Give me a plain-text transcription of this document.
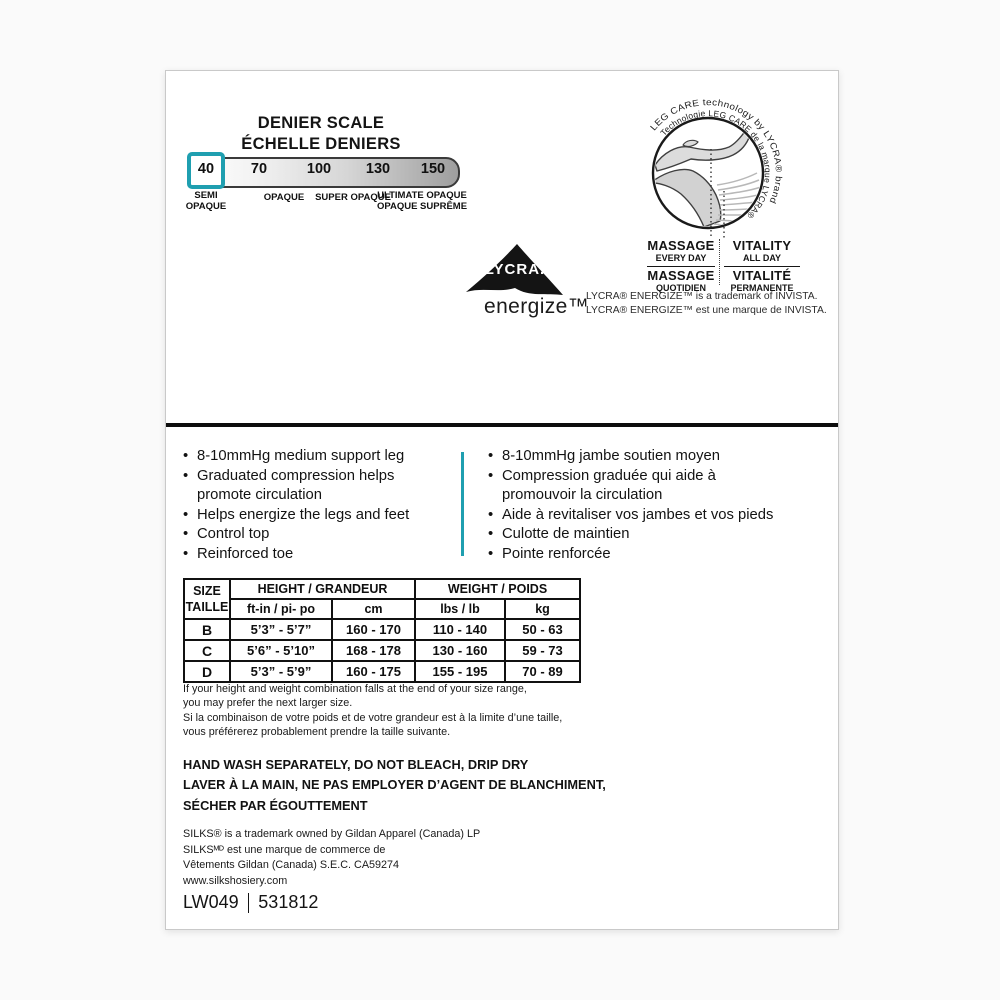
DENIER SCALE
ÉCHELLE DENIERS
40	70	100	130	150
SEMI
OPAQUE
OPAQUE	SUPER OPAQUE
ULTIMATE OPAQUE
OPAQUE SUPRÊME
LEG CARE technology by LYCRA® brand
Technologie LEG CARE de la marque LYCRA®
MASSAGE
EVERY DAY
MASSAGE
QUOTIDIEN
VITALITY
ALL DAY
VITALITÉ
PERMANENTE
LYCRA.
energize™
LYCRA® ENERGIZE™ is a trademark of INVISTA.
LYCRA® ENERGIZE™ est une marque de INVISTA.
• 8-10mmHg medium support leg
• Graduated compression helps
promote circulation
• Helps energize the legs and feet
• Control top
• Reinforced toe
• 8-10mmHg jambe soutien moyen
• Compression graduée qui aide à
promouvoir la circulation
• Aide à revitaliser vos jambes et vos pieds
• Culotte de maintien
• Pointe renforcée
SIZE
TAILLE	HEIGHT / GRANDEUR		WEIGHT / POIDS	
	ft-in / pi- po	cm	lbs / lb	kg
B	5’3” - 5’7”	160 - 170	110 - 140	50 - 63
C	5’6” - 5’10”	168 - 178	130 - 160	59 - 73
D	5’3” - 5’9”	160 - 175	155 - 195	70 - 89
If your height and weight combination falls at the end of your size range,
you may prefer the next larger size.
Si la combinaison de votre poids et de votre grandeur est à la limite d’une taille,
vous préférerez probablement prendre la taille suivante.
HAND WASH SEPARATELY, DO NOT BLEACH, DRIP DRY
LAVER À LA MAIN, NE PAS EMPLOYER D’AGENT DE BLANCHIMENT,
SÉCHER PAR ÉGOUTTEMENT
SILKS® is a trademark owned by Gildan Apparel (Canada) LP
SILKSᴹᴰ est une marque de commerce de
Vêtements Gildan (Canada) S.E.C. CA59274
www.silkshosiery.com
LW049 531812
